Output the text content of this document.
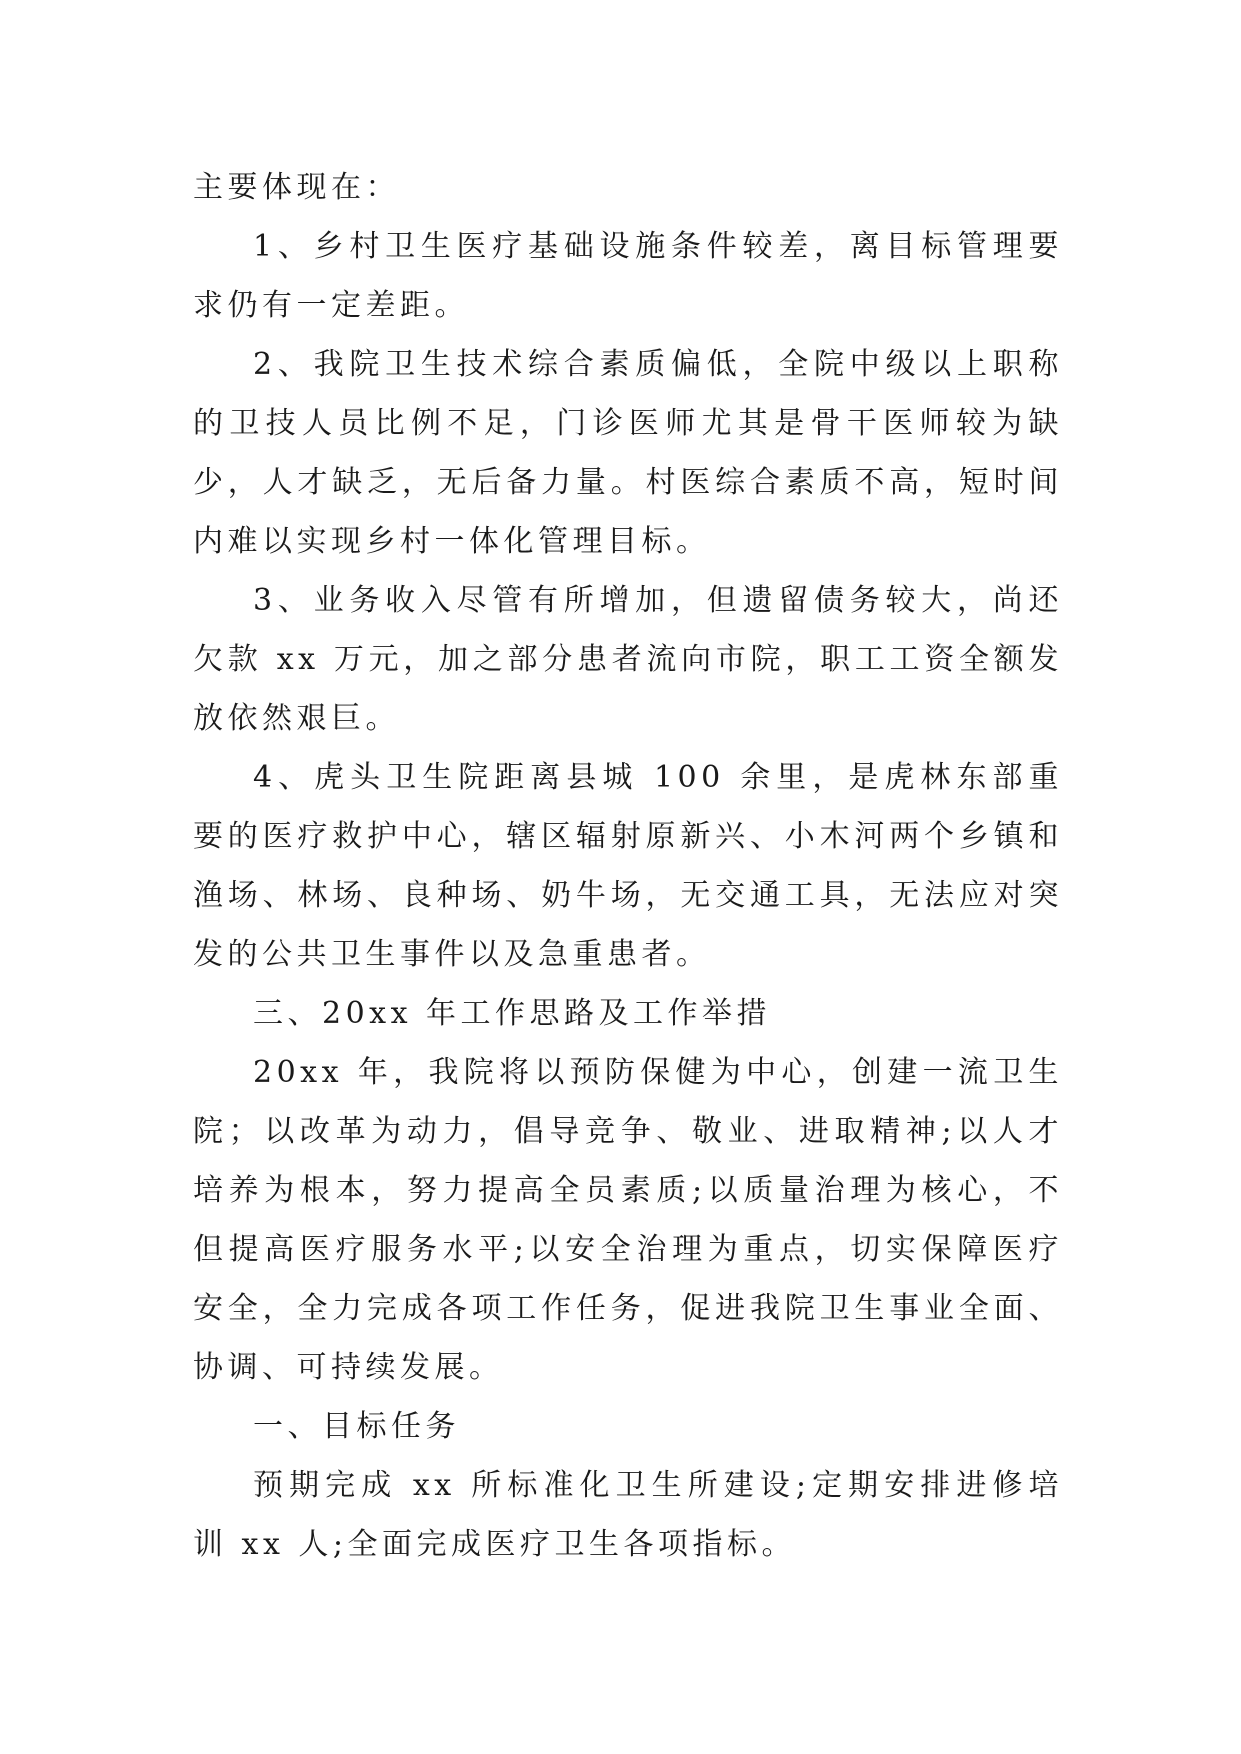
主要体现在：

1、乡村卫生医疗基础设施条件较差，离目标管理要求仍有一定差距。

2、我院卫生技术综合素质偏低，全院中级以上职称的卫技人员比例不足，门诊医师尤其是骨干医师较为缺少，人才缺乏，无后备力量。村医综合素质不高，短时间内难以实现乡村一体化管理目标。

3、业务收入尽管有所增加，但遗留债务较大，尚还欠款 xx 万元，加之部分患者流向市院，职工工资全额发放依然艰巨。

4、虎头卫生院距离县城 100 余里，是虎林东部重要的医疗救护中心，辖区辐射原新兴、小木河两个乡镇和渔场、林场、良种场、奶牛场，无交通工具，无法应对突发的公共卫生事件以及急重患者。

三、20xx 年工作思路及工作举措

20xx 年，我院将以预防保健为中心，创建一流卫生院；以改革为动力，倡导竞争、敬业、进取精神;以人才培养为根本，努力提高全员素质;以质量治理为核心，不但提高医疗服务水平;以安全治理为重点，切实保障医疗安全，全力完成各项工作任务，促进我院卫生事业全面、协调、可持续发展。

一、目标任务

预期完成 xx 所标准化卫生所建设;定期安排进修培训 xx 人;全面完成医疗卫生各项指标。
